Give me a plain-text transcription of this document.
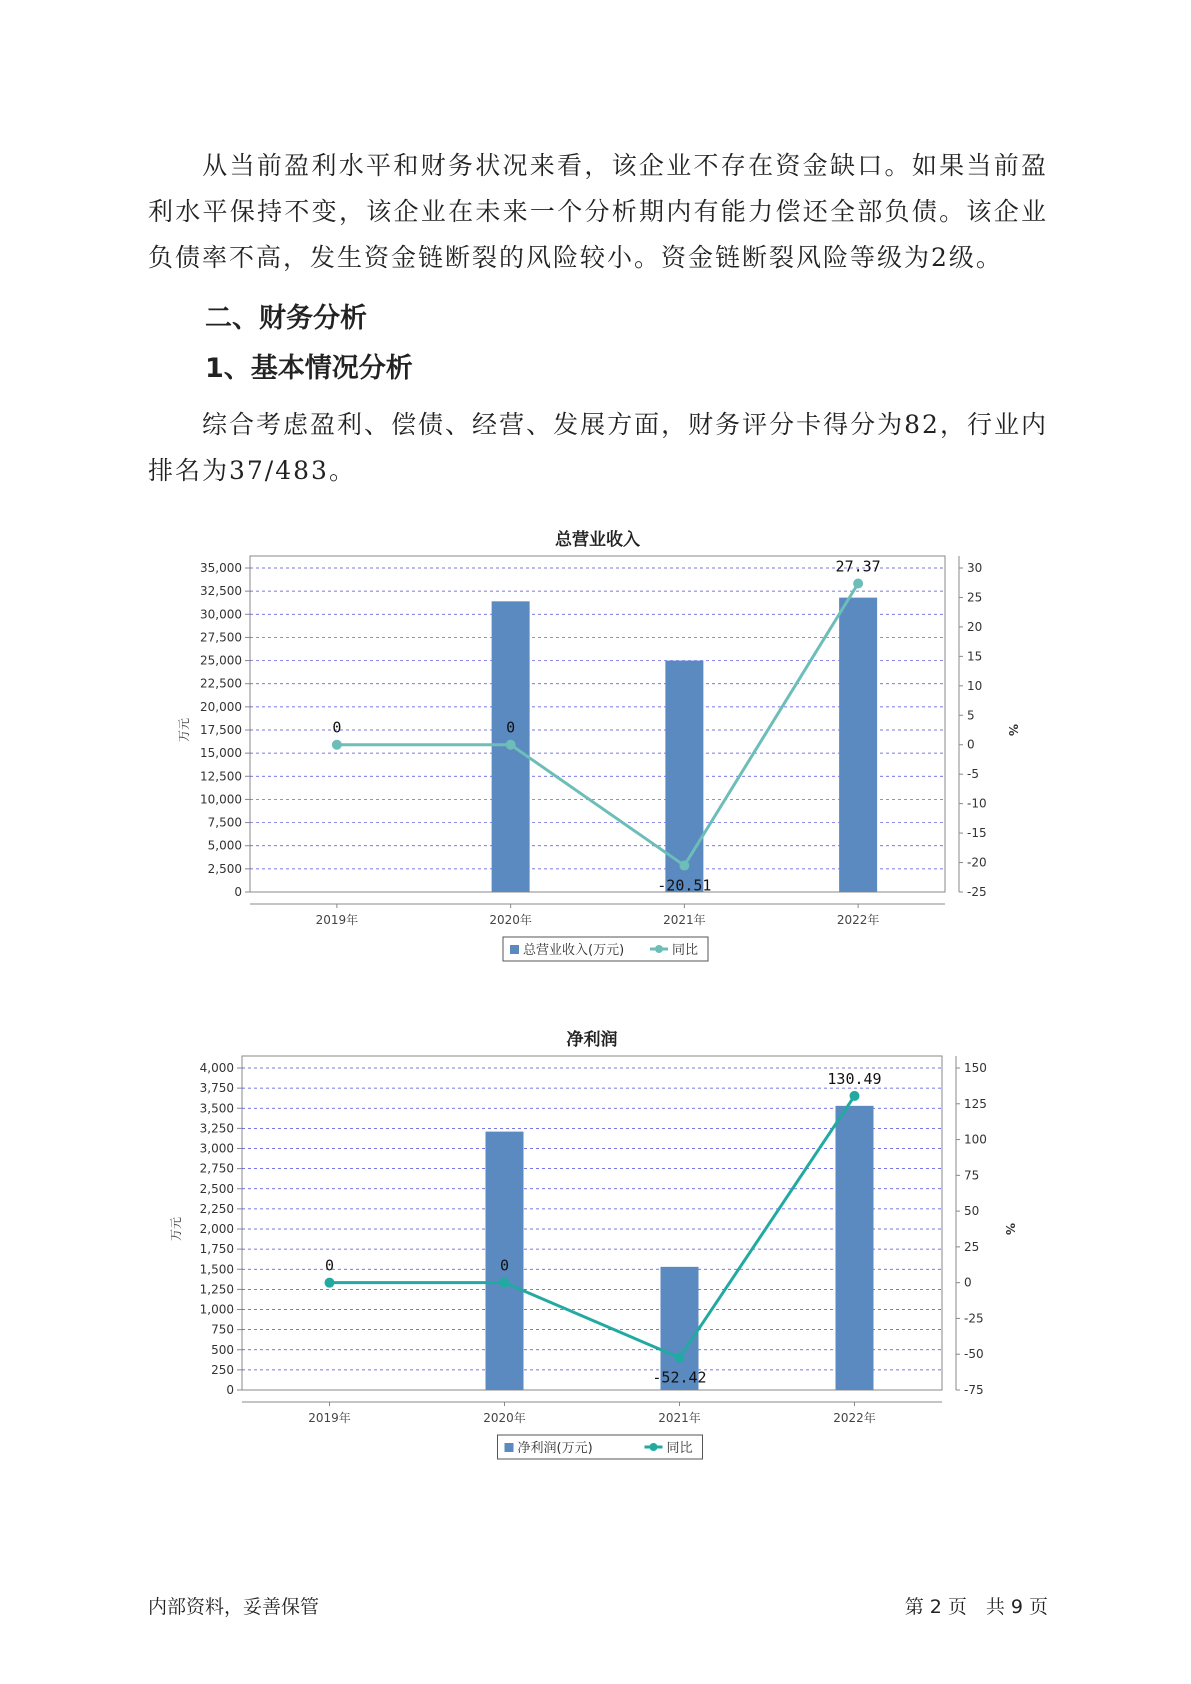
从当前盈利水平和财务状况来看，该企业不存在资金缺口。如果当前盈利水平保持不变，该企业在未来一个分析期内有能力偿还全部负债。该企业负债率不高，发生资金链断裂的风险较小。资金链断裂风险等级为2级。

二、财务分析
1、基本情况分析

综合考虑盈利、偿债、经营、发展方面，财务评分卡得分为82，行业内排名为37/483。

总营业收入
0
2,500
5,000
7,500
10,000
12,500
15,000
17,500
20,000
22,500
25,000
27,500
30,000
32,500
35,000
万元
30
25
20
15
10
5
0
-5
-10
-15
-20
-25
%
2019年	2020年	2021年	2022年
0	0
-20.51
27.37
总营业收入(万元)	同比
净利润
0
250
500
750
1,000
1,250
1,500
1,750
2,000
2,250
2,500
2,750
3,000
3,250
3,500
3,750
4,000
万元
150
125
100
75
50
25
0
-25
-50
-75
%
2019年	2020年	2021年	2022年
0	0
-52.42
130.49
净利润(万元)	同比
内部资料，妥善保管	第 2 页　共 9 页
